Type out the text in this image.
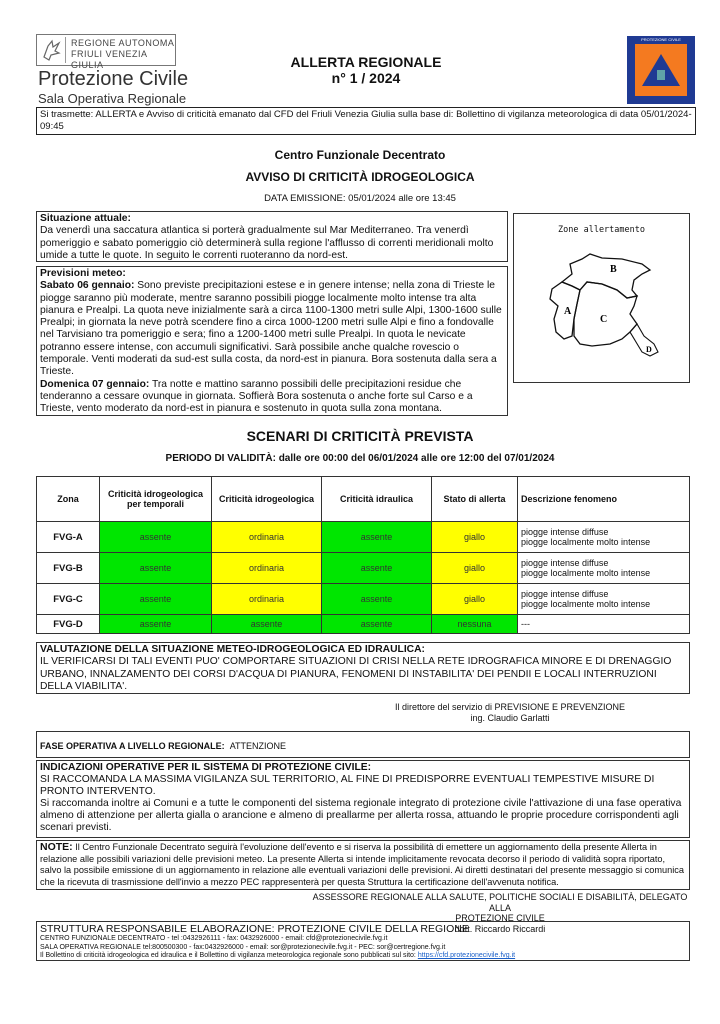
REGIONE AUTONOMA
FRIULI VENEZIA GIULIA
Protezione Civile
Sala Operativa Regionale
ALLERTA REGIONALE
n° 1 / 2024
PROTEZIONE CIVILE
Si trasmette: ALLERTA e Avviso di criticità emanato dal CFD del Friuli Venezia Giulia sulla base di: Bollettino di vigilanza meteorologica di data 05/01/2024-09:45
Centro Funzionale Decentrato
AVVISO DI CRITICITÀ IDROGEOLOGICA
DATA EMISSIONE: 05/01/2024 alle ore 13:45
Situazione attuale:
Da venerdì una saccatura atlantica si porterà gradualmente sul Mar Mediterraneo. Tra venerdì pomeriggio e sabato pomeriggio ciò determinerà sulla regione l'afflusso di correnti meridionali molto umide a tutte le quote. In seguito le correnti ruoteranno da nord-est.
Previsioni meteo:
Sabato 06 gennaio: Sono previste precipitazioni estese e in genere intense; nella zona di Trieste le piogge saranno più moderate, mentre saranno possibili piogge localmente molto intense tra alta pianura e Prealpi. La quota neve inizialmente sarà a circa 1100-1300 metri sulle Alpi, 1300-1600 sulle Prealpi; in giornata la neve potrà scendere fino a circa 1000-1200 metri sulle Alpi e fino a fondovalle nel Tarvisiano tra pomeriggio e sera; fino a 1200-1400 metri sulle Prealpi. In quota le nevicate potranno essere intense, con accumuli significativi. Sarà possibile anche qualche rovescio o temporale. Venti moderati da sud-est sulla costa, da nord-est in pianura. Bora sostenuta dalla sera a Trieste.
Domenica 07 gennaio: Tra notte e mattino saranno possibili delle precipitazioni residue che tenderanno a cessare ovunque in giornata. Soffierà Bora sostenuta o anche forte sul Carso e a Trieste, vento moderato da nord-est in pianura e sostenuto in quota sulla zona montana.
Zone allertamento
B
A
C
D
SCENARI DI CRITICITÀ PREVISTA
PERIODO DI VALIDITÀ: dalle ore 00:00 del 06/01/2024 alle ore 12:00 del 07/01/2024
Zona	Criticità idrogeologica per temporali	Criticità idrogeologica	Criticità idraulica	Stato di allerta	Descrizione fenomeno
FVG-A	assente	ordinaria	assente	giallo	piogge intense diffuse
piogge localmente molto intense

FVG-B	assente	ordinaria	assente	giallo	piogge intense diffuse
piogge localmente molto intense

FVG-C	assente	ordinaria	assente	giallo	piogge intense diffuse
piogge localmente molto intense

FVG-D	assente	assente	assente	nessuna	---
VALUTAZIONE DELLA SITUAZIONE METEO-IDROGEOLOGICA ED IDRAULICA:
IL VERIFICARSI DI TALI EVENTI PUO' COMPORTARE SITUAZIONI DI CRISI NELLA RETE IDROGRAFICA MINORE E DI DRENAGGIO URBANO, INNALZAMENTO DEI CORSI D'ACQUA DI PIANURA, FENOMENI DI INSTABILITA' DEI PENDII E LOCALI INTERRUZIONI DELLA VIABILITA'.
Il direttore del servizio di PREVISIONE E PREVENZIONE
ing. Claudio Garlatti
FASE OPERATIVA A LIVELLO REGIONALE: ATTENZIONE
INDICAZIONI OPERATIVE PER IL SISTEMA DI PROTEZIONE CIVILE:
SI RACCOMANDA LA MASSIMA VIGILANZA SUL TERRITORIO, AL FINE DI PREDISPORRE EVENTUALI TEMPESTIVE MISURE DI PRONTO INTERVENTO.
Si raccomanda inoltre ai Comuni e a tutte le componenti del sistema regionale integrato di protezione civile l'attivazione di una fase operativa almeno di attenzione per allerta gialla o arancione e almeno di preallarme per allerta rossa, attuando le proprie procedure corrispondenti agli scenari previsti.
NOTE: Il Centro Funzionale Decentrato seguirà l'evoluzione dell'evento e si riserva la possibilità di emettere un aggiornamento della presente Allerta in relazione alle possibili variazioni delle previsioni meteo. La presente Allerta si intende implicitamente revocata decorso il periodo di validità sopra riportato, salvo la possibile emissione di un aggiornamento in relazione alle eventuali variazioni delle previsioni. Ai diretti destinatari del presente messaggio si comunica che la ricevuta di trasmissione dell'invio a mezzo PEC rappresenterà per questa Struttura la certificazione dell'avvenuta notifica.
ASSESSORE REGIONALE ALLA SALUTE, POLITICHE SOCIALI E DISABILITÀ, DELEGATO ALLA
PROTEZIONE CIVILE
dott. Riccardo Riccardi
STRUTTURA RESPONSABILE ELABORAZIONE: PROTEZIONE CIVILE DELLA REGIONE
CENTRO FUNZIONALE DECENTRATO - tel :0432926111 - fax: 0432926000 - email: cfd@protezionecivile.fvg.it
SALA OPERATIVA REGIONALE tel:800500300 - fax:0432926000 - email: sor@protezionecivile.fvg.it - PEC: sor@certregione.fvg.it
Il Bollettino di criticità idrogeologica ed idraulica e il Bollettino di vigilanza meteorologica regionale sono pubblicati sul sito: https://cfd.protezionecivile.fvg.it
